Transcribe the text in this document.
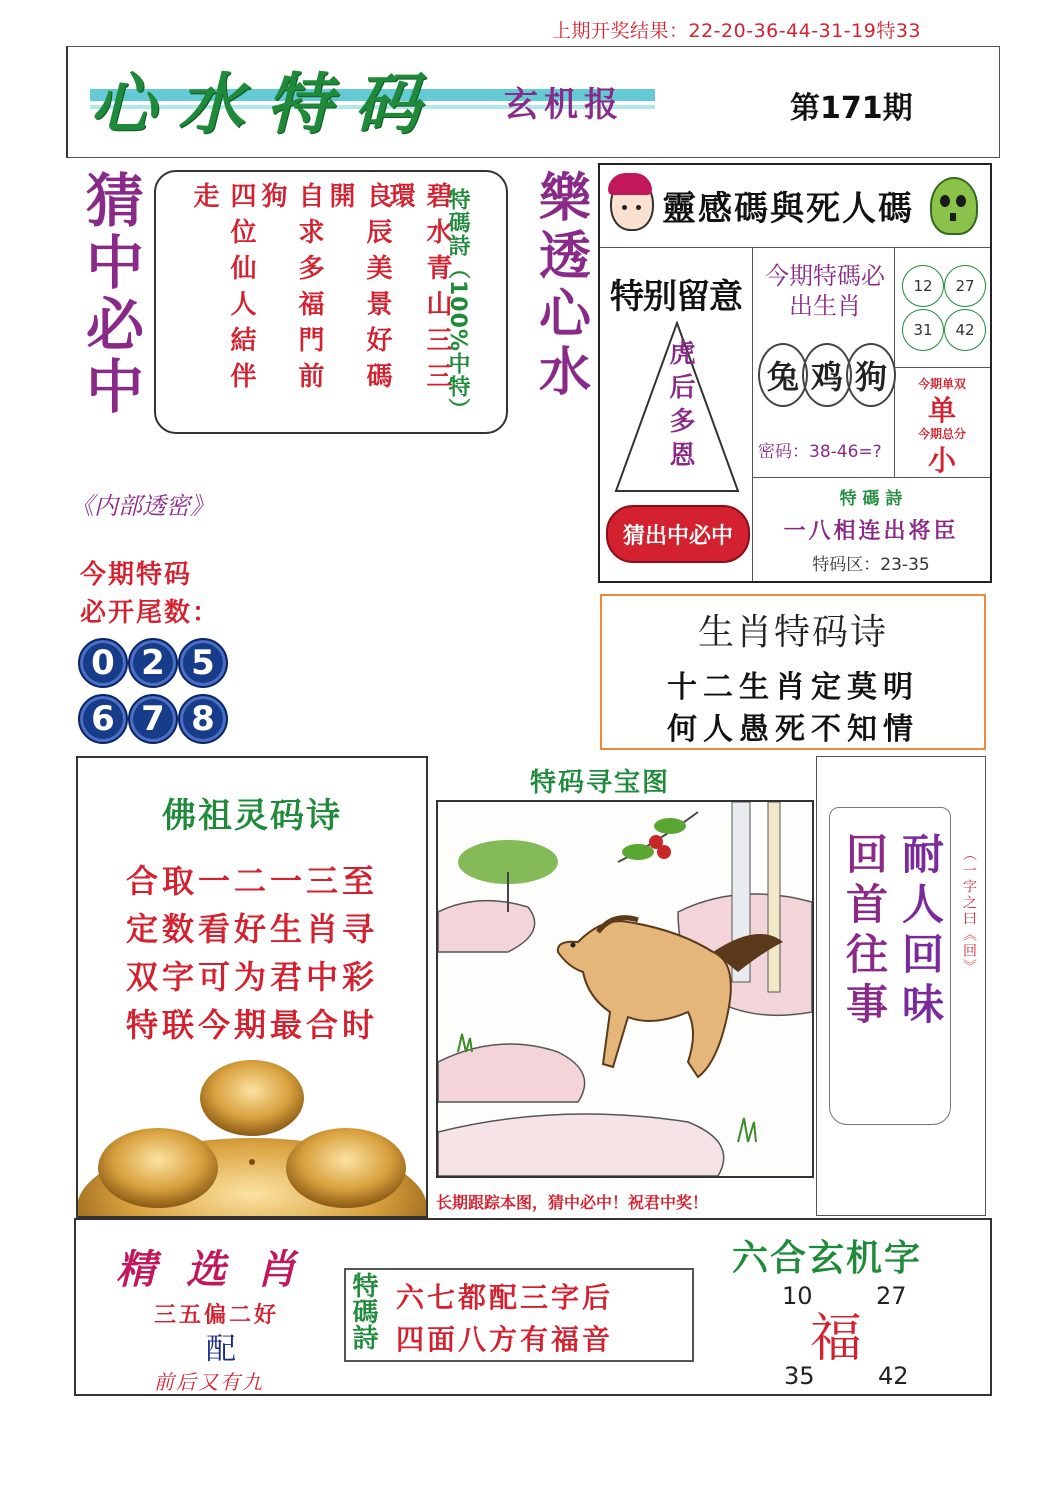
上期开奖结果：22-20-36-44-31-19特33
心水特码 玄机报	第171期
猜中必中	四位仙人結伴走	自求多福門前狗	良辰美景好碼開	碧水青山三三環	特碼詩（100%中特） 樂透心水 靈感碼與死人碼
特别留意
虎后多恩
猜出中必中
今期特碼必出生肖
兔 鸡 狗
密码：38-46=?
12	27
31	42
今期单双
单
今期总分
小
特 碼 詩
一八相连出将臣
特码区：23-35
《内部透密》
今期特码
必开尾数：
0 2 5
6 7 8
生肖特码诗
十二生肖定莫明
何人愚死不知情
佛祖灵码诗
合取一二一三至
定数看好生肖寻
双字可为君中彩
特联今期最合时
特码寻宝图
长期跟踪本图，猜中必中！祝君中奖！
回首往事 耐人回味	（一字之曰《回》
精选肖
三五偏二好
配
前后又有九
特碼詩 六七都配三字后
四面八方有福音
六合玄机字
10	27
福
35	42
